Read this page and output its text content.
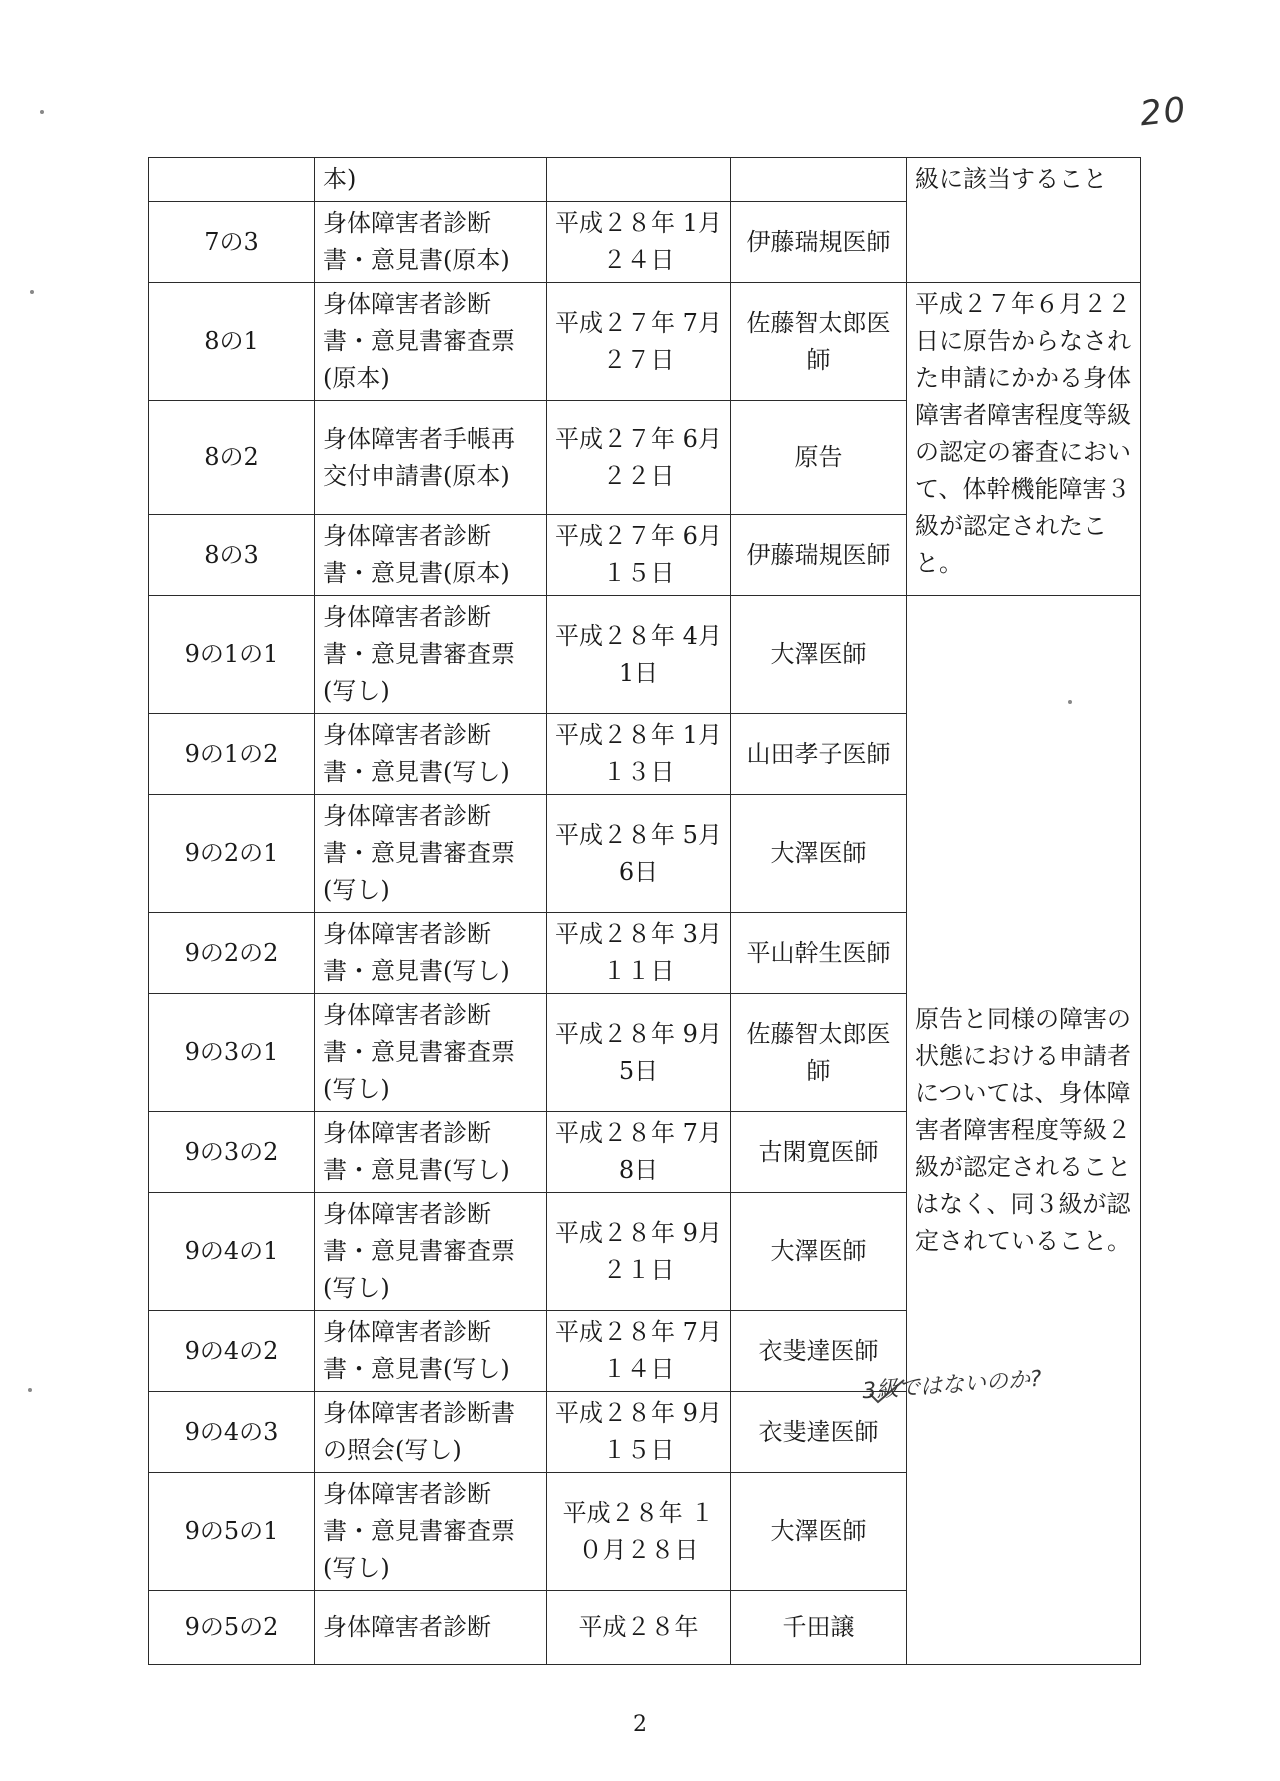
20
	本)			級に該当すること	
7の3	身体障害者診断書・意見書(原本)	平成２８年 1月２４日	伊藤瑞規医師		
8の1	身体障害者診断書・意見書審査票(原本)	平成２７年 7月２７日	佐藤智太郎医師	平成２７年６月２２日に原告からなされた申請にかかる身体障害者障害程度等級の認定の審査において、体幹機能障害３級が認定されたこと。	
8の2	身体障害者手帳再交付申請書(原本)	平成２７年 6月２２日	原告		
8の3	身体障害者診断書・意見書(原本)	平成２７年 6月１５日	伊藤瑞規医師		
9の1の1	身体障害者診断書・意見書審査票(写し)	平成２８年 4月1日	大澤医師	原告と同様の障害の状態における申請者については、身体障害者障害程度等級２級が認定されることはなく、同３級が認定されていること。	
9の1の2	身体障害者診断書・意見書(写し)	平成２８年 1月１３日	山田孝子医師		
9の2の1	身体障害者診断書・意見書審査票(写し)	平成２８年 5月6日	大澤医師		
9の2の2	身体障害者診断書・意見書(写し)	平成２８年 3月１１日	平山幹生医師		
9の3の1	身体障害者診断書・意見書審査票(写し)	平成２８年 9月5日	佐藤智太郎医師		
9の3の2	身体障害者診断書・意見書(写し)	平成２８年 7月8日	古閑寛医師		
9の4の1	身体障害者診断書・意見書審査票(写し)	平成２８年 9月２１日	大澤医師		
9の4の2	身体障害者診断書・意見書(写し)	平成２８年 7月１４日	衣斐達医師		
9の4の3	身体障害者診断書の照会(写し)	平成２８年 9月１５日	衣斐達医師		
9の5の1	身体障害者診断書・意見書審査票(写し)	平成２８年 １０月２８日	大澤医師		
9の5の2	身体障害者診断	平成２８年	千田譲		
3級ではないのか?
2
